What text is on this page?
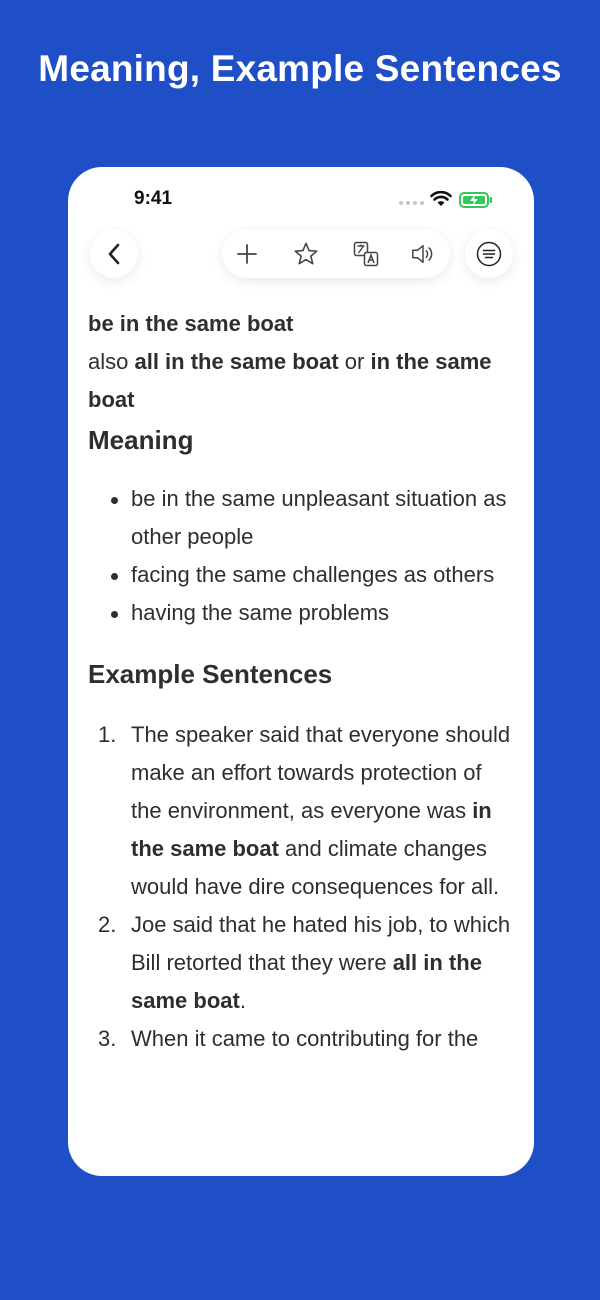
Meaning, Example Sentences
9:41
be in the same boat
also all in the same boat or in the same boat
Meaning
be in the same unpleasant situation as other people
facing the same challenges as others
having the same problems
Example Sentences
1. The speaker said that everyone should make an effort towards protection of the environment, as everyone was in the same boat and climate changes would have dire consequences for all.
2. Joe said that he hated his job, to which Bill retorted that they were all in the same boat.
3. When it came to contributing for the
